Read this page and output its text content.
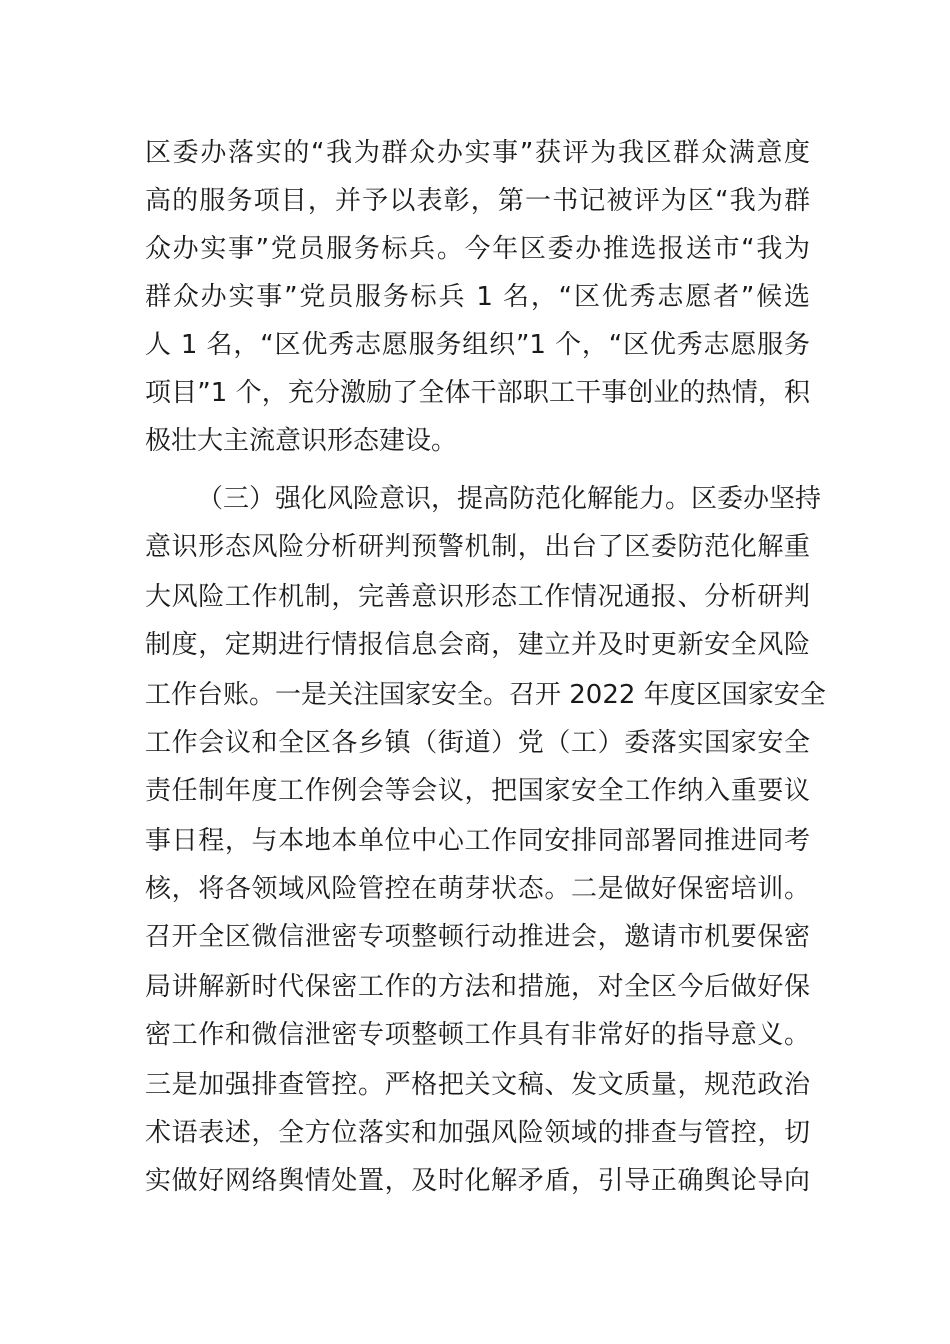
区委办落实的“我为群众办实事”获评为我区群众满意度
高的服务项目，并予以表彰，第一书记被评为区“我为群
众办实事”党员服务标兵。今年区委办推选报送市“我为
群众办实事”党员服务标兵 1 名，“区优秀志愿者”候选
人 1 名，“区优秀志愿服务组织”1 个，“区优秀志愿服务
项目”1 个，充分激励了全体干部职工干事创业的热情，积
极壮大主流意识形态建设。
（三）强化风险意识，提高防范化解能力。区委办坚持
意识形态风险分析研判预警机制，出台了区委防范化解重
大风险工作机制，完善意识形态工作情况通报、分析研判
制度，定期进行情报信息会商，建立并及时更新安全风险
工作台账。一是关注国家安全。召开 2022 年度区国家安全
工作会议和全区各乡镇（街道）党（工）委落实国家安全
责任制年度工作例会等会议，把国家安全工作纳入重要议
事日程，与本地本单位中心工作同安排同部署同推进同考
核，将各领域风险管控在萌芽状态。二是做好保密培训。
召开全区微信泄密专项整顿行动推进会，邀请市机要保密
局讲解新时代保密工作的方法和措施，对全区今后做好保
密工作和微信泄密专项整顿工作具有非常好的指导意义。
三是加强排查管控。严格把关文稿、发文质量，规范政治
术语表述，全方位落实和加强风险领域的排查与管控，切
实做好网络舆情处置，及时化解矛盾，引导正确舆论导向
